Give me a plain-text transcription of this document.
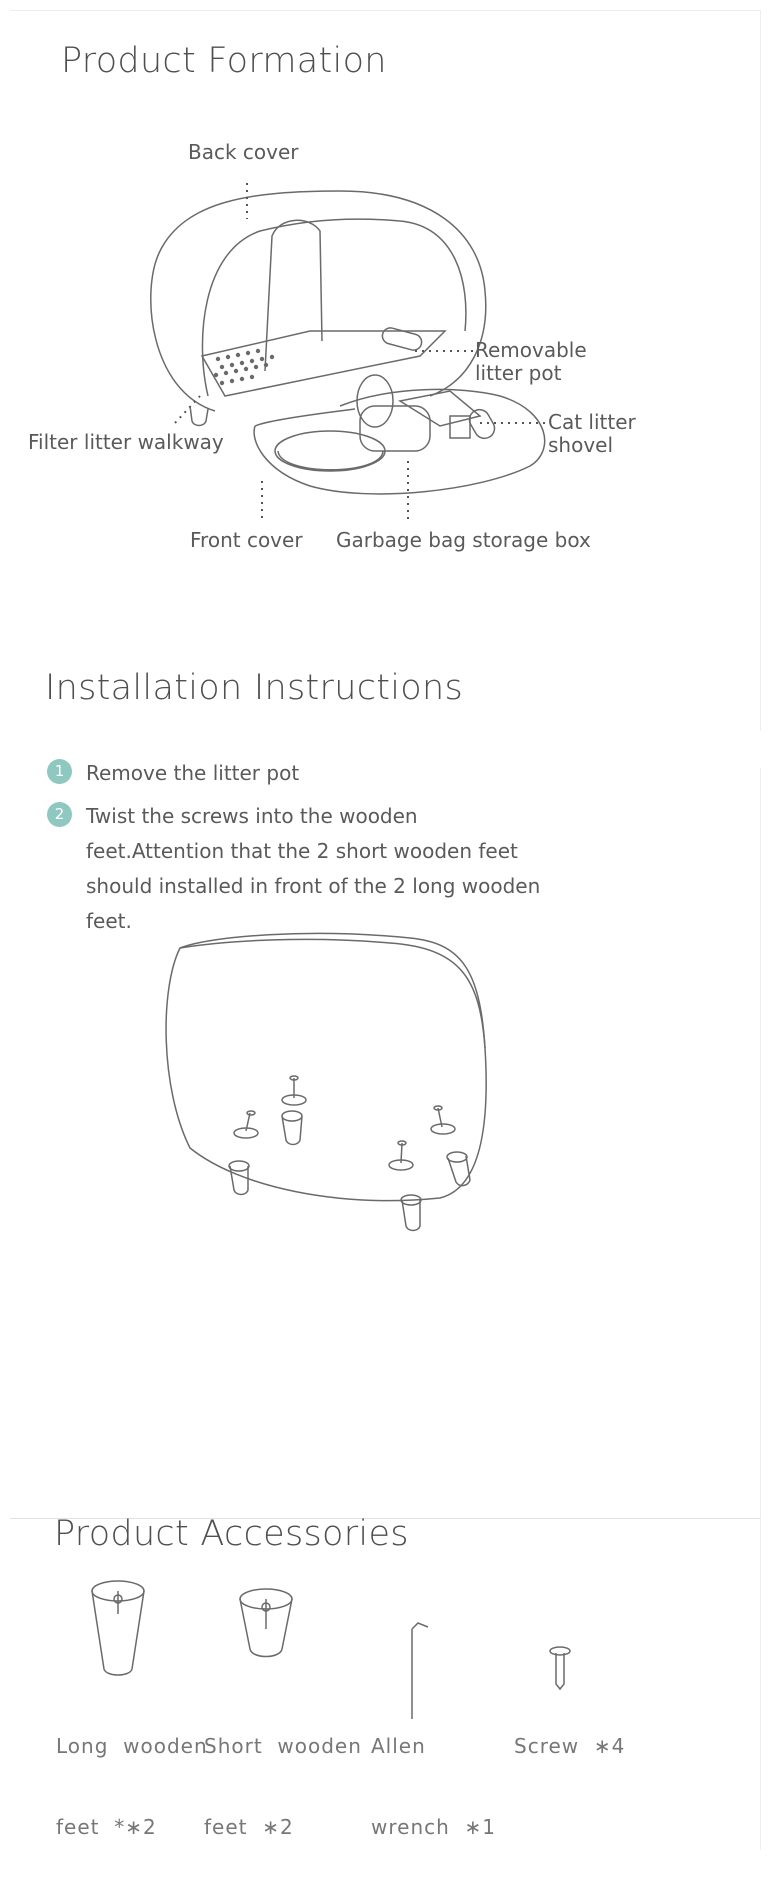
Product Formation
Back cover
Removable
litter pot
Cat litter
shovel
Filter litter walkway
Front cover Garbage bag storage box
Installation Instructions
1	Remove the litter pot
2	Twist the screws into the wooden feet.Attention that the 2 short wooden feet should installed in front of the 2 long wooden feet.
Product Accessories

Long  wooden

feet  *∗2

Short  wooden

feet  ∗2

Allen

wrench  ∗1

Screw  ∗4
